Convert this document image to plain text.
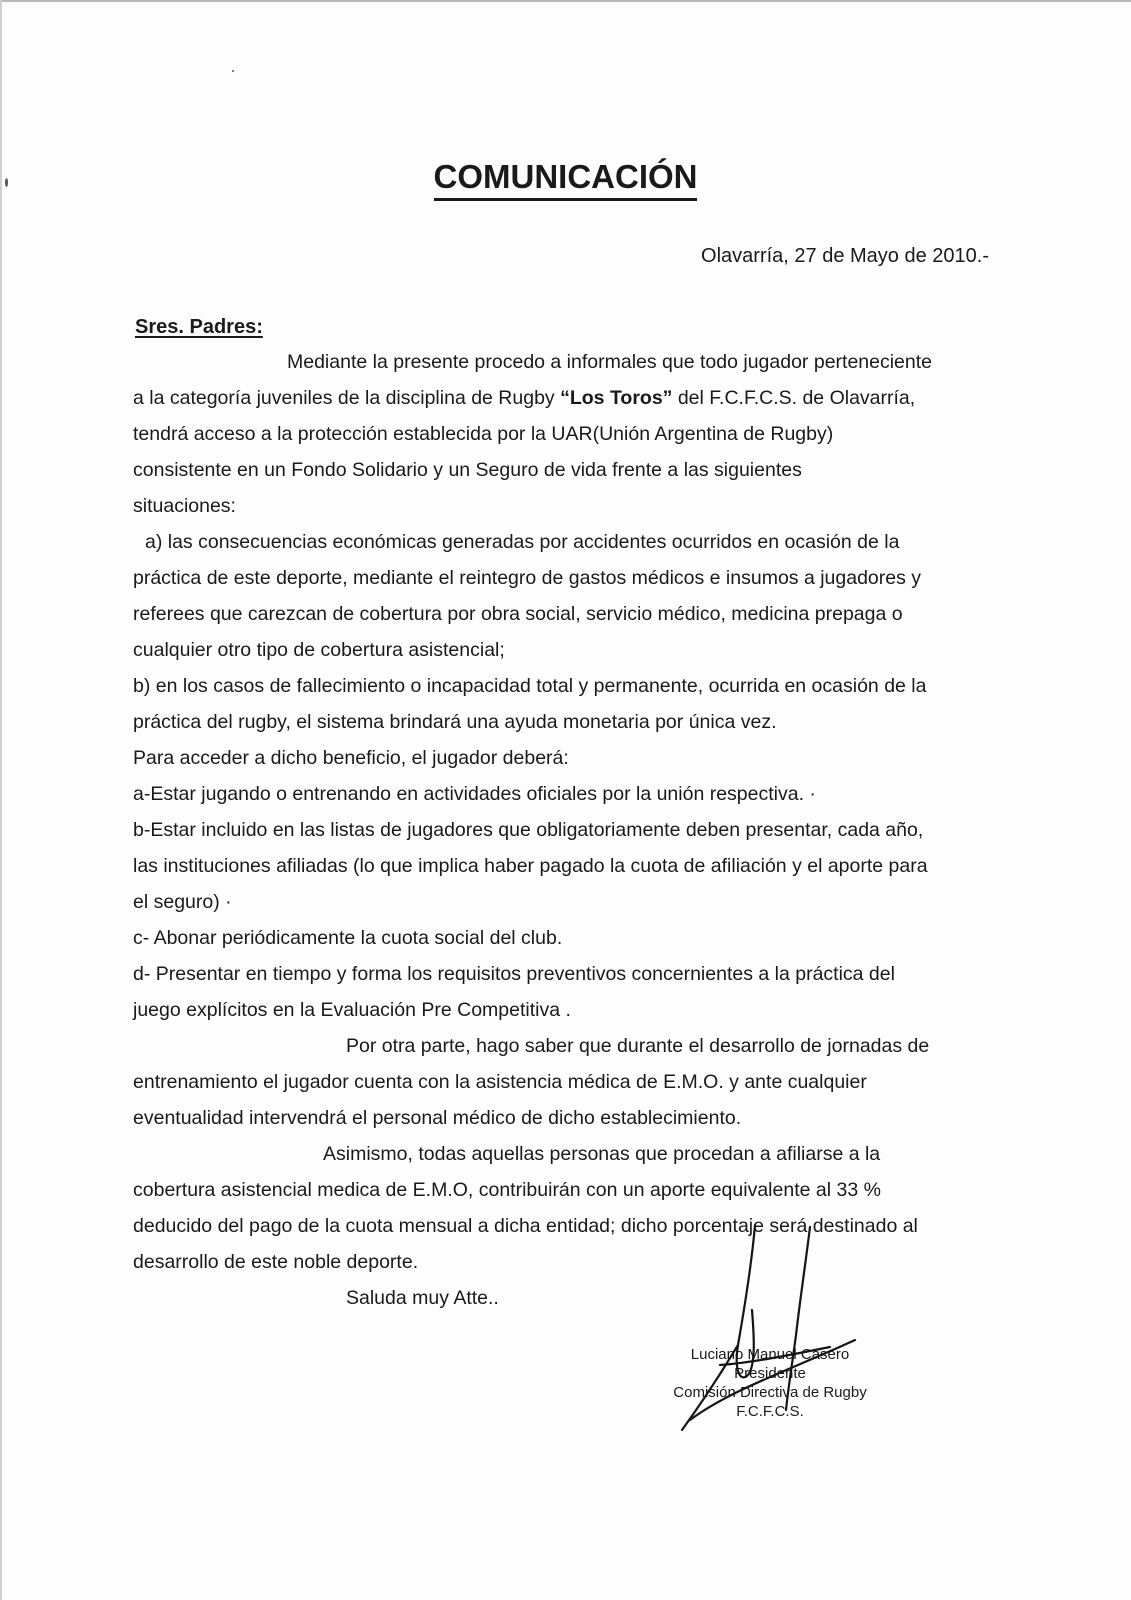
COMUNICACIÓN
Olavarría, 27 de Mayo de 2010.-
Sres. Padres:
Mediante la presente procedo a informales que todo jugador perteneciente
a la categoría juveniles de la disciplina de Rugby “Los Toros” del F.C.F.C.S. de Olavarría,
tendrá acceso a la protección establecida por la UAR(Unión Argentina de Rugby)
consistente en un Fondo Solidario y un Seguro de vida frente a las siguientes
situaciones:
a) las consecuencias económicas generadas por accidentes ocurridos en ocasión de la
práctica de este deporte, mediante el reintegro de gastos médicos e insumos a jugadores y
referees que carezcan de cobertura por obra social, servicio médico, medicina prepaga o
cualquier otro tipo de cobertura asistencial;
b) en los casos de fallecimiento o incapacidad total y permanente, ocurrida en ocasión de la
práctica del rugby, el sistema brindará una ayuda monetaria por única vez.
Para acceder a dicho beneficio, el jugador deberá:
a-Estar jugando o entrenando en actividades oficiales por la unión respectiva. ·
b-Estar incluido en las listas de jugadores que obligatoriamente deben presentar, cada año,
las instituciones afiliadas (lo que implica haber pagado la cuota de afiliación y el aporte para
el seguro) ·
c- Abonar periódicamente la cuota social del club.
d- Presentar en tiempo y forma los requisitos preventivos concernientes a la práctica del
juego explícitos en la Evaluación Pre Competitiva .
Por otra parte, hago saber que durante el desarrollo de jornadas de
entrenamiento el jugador cuenta con la asistencia médica de E.M.O. y ante cualquier
eventualidad intervendrá el personal médico de dicho establecimiento.
Asimismo, todas aquellas personas que procedan a afiliarse a la
cobertura asistencial medica de E.M.O, contribuirán con un aporte equivalente al 33 %
deducido del pago de la cuota mensual a dicha entidad; dicho porcentaje será destinado al
desarrollo de este noble deporte.
Saluda muy Atte..
Luciano Manuel Casero
Presidente
Comisión Directiva de Rugby
F.C.F.C.S.
